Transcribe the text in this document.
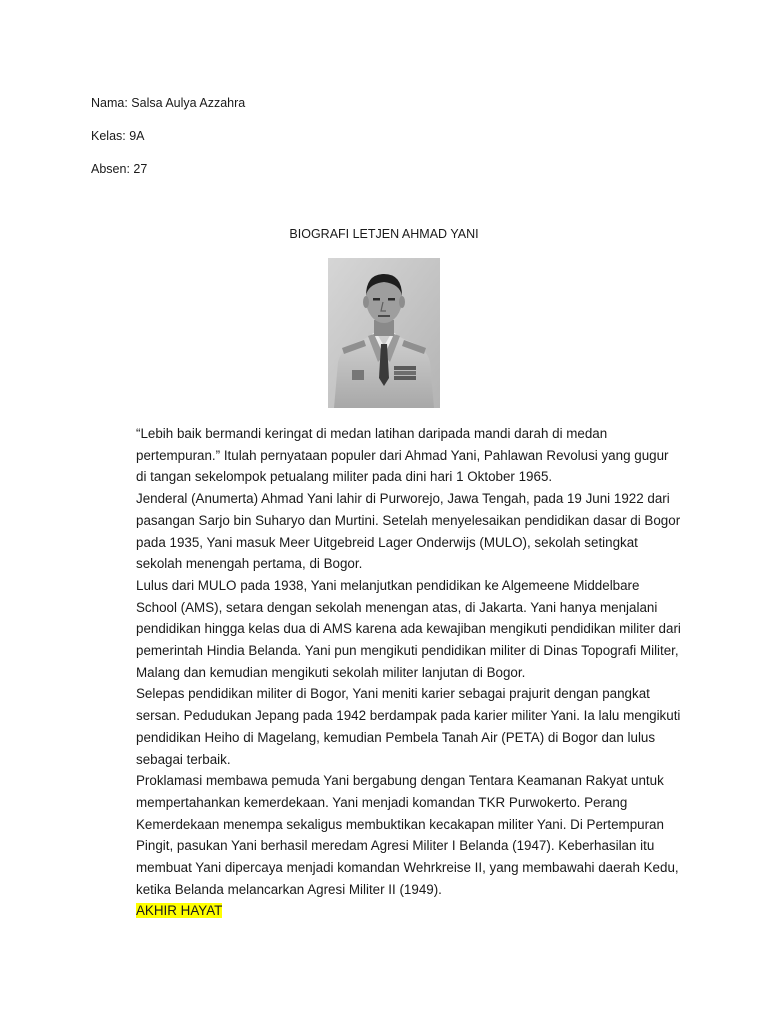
Nama: Salsa Aulya Azzahra
Kelas: 9A
Absen: 27
BIOGRAFI LETJEN AHMAD YANI

“Lebih baik bermandi keringat di medan latihan daripada mandi darah di medan pertempuran.” Itulah pernyataan populer dari Ahmad Yani, Pahlawan Revolusi yang gugur di tangan sekelompok petualang militer pada dini hari 1 Oktober 1965.

Jenderal (Anumerta) Ahmad Yani lahir di Purworejo, Jawa Tengah, pada 19 Juni 1922 dari pasangan Sarjo bin Suharyo dan Murtini. Setelah menyelesaikan pendidikan dasar di Bogor pada 1935, Yani masuk Meer Uitgebreid Lager Onderwijs (MULO), sekolah setingkat sekolah menengah pertama, di Bogor.

Lulus dari MULO pada 1938, Yani melanjutkan pendidikan ke Algemeene Middelbare School (AMS), setara dengan sekolah menengan atas, di Jakarta. Yani hanya menjalani pendidikan hingga kelas dua di AMS karena ada kewajiban mengikuti pendidikan militer dari pemerintah Hindia Belanda. Yani pun mengikuti pendidikan militer di Dinas Topografi Militer, Malang dan kemudian mengikuti sekolah militer lanjutan di Bogor.

Selepas pendidikan militer di Bogor, Yani meniti karier sebagai prajurit dengan pangkat sersan. Pedudukan Jepang pada 1942 berdampak pada karier militer Yani. Ia lalu mengikuti pendidikan Heiho di Magelang, kemudian Pembela Tanah Air (PETA) di Bogor dan lulus sebagai terbaik.

Proklamasi membawa pemuda Yani bergabung dengan Tentara Keamanan Rakyat untuk mempertahankan kemerdekaan. Yani menjadi komandan TKR Purwokerto. Perang Kemerdekaan menempa sekaligus membuktikan kecakapan militer Yani. Di Pertempuran Pingit, pasukan Yani berhasil meredam Agresi Militer I Belanda (1947). Keberhasilan itu membuat Yani dipercaya menjadi komandan Wehrkreise II, yang membawahi daerah Kedu, ketika Belanda melancarkan Agresi Militer II (1949).

AKHIR HAYAT
